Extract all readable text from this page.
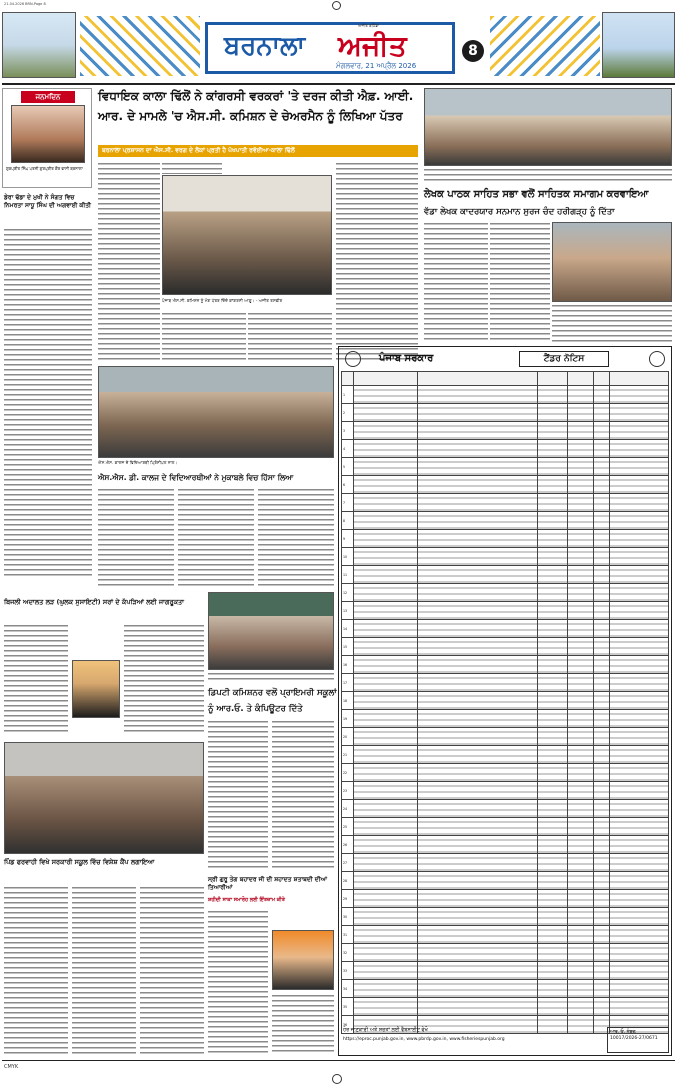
21.04.2026 BRN-Page 8
ਬਰਨਾਲਾ ਅਜੀਤ
ਅਜੀਤ ਬਠਿੰਡਾ
ਮੰਗਲਵਾਰ, 21 ਅਪ੍ਰੈਲ 2026
8
ਜਨਮਦਿਨ
ਗੁਰਪ੍ਰੀਤ ਸਿੰਘ ਪਤਨੀ ਗੁਰਪ੍ਰੀਤ ਕੌਰ ਵਾਸੀ ਬਰਨਾਲਾ
ਡੇਰਾ ਢੱਡਾ ਦੇ ਮੁਖੀ ਨੇ ਸੰਗਤ ਵਿਚ ਨਿਮਰਤਾ ਸਾਧੂ ਸਿੰਘ ਦੀ ਅਗਵਾਈ ਕੀਤੀ
ਵਿਧਾਇਕ ਕਾਲਾ ਢਿੱਲੋਂ ਨੇ ਕਾਂਗਰਸੀ ਵਰਕਰਾਂ 'ਤੇ ਦਰਜ ਕੀਤੀ ਐਫ਼. ਆਈ.
ਆਰ. ਦੇ ਮਾਮਲੇ 'ਚ ਐਸ.ਸੀ. ਕਮਿਸ਼ਨ ਦੇ ਚੇਅਰਮੈਨ ਨੂੰ ਲਿਖਿਆ ਪੱਤਰ
ਬਰਨਾਲਾ ਪ੍ਰਸ਼ਾਸਨ ਦਾ ਐਸ.ਸੀ. ਵਰਗ ਦੇ ਲੋਕਾਂ ਪ੍ਰਤੀ ਹੈ ਪੱਖਪਾਤੀ ਰਵੱਈਆ-ਕਾਲਾ ਢਿੱਲੋਂ
ਪੰਜਾਬ ਐਸ.ਸੀ. ਕਮਿਸ਼ਨ ਨੂੰ ਮੰਗ ਪੱਤਰ ਦਿੰਦੇ ਕਾਂਗਰਸੀ ਆਗੂ। - ਅਜੀਤ ਤਸਵੀਰ
ਲੇਖਕ ਪਾਠਕ ਸਾਹਿਤ ਸਭਾ ਵਲੋਂ ਸਾਹਿਤਕ ਸਮਾਗਮ ਕਰਵਾਇਆ
ਵੱਡਾ ਲੇਖਕ ਕਾਦਰਯਾਰ ਸਨਮਾਨ ਸੁਰਜ ਚੰਦ ਹਰੀਗੜ੍ਹ ਨੂੰ ਦਿੱਤਾ
ਪੰਜਾਬ ਸਰਕਾਰ	ਟੈਂਡਰ ਨੋਟਿਸ

1						
2						
3						
4						
5						
6						
7						
8						
9						
10						
11						
12						
13						
14						
15						
16						
17						
18						
19						
20						
21						
22						
23						
24						
25						
26						
27						
28						
29						
30						
31						
32						
33						
34						
35						
36						
ਹੋਰ ਜਾਣਕਾਰੀ ਅਤੇ ਸ਼ਰਤਾਂ ਲਈ ਵੈਬਸਾਈਟ ਵੇਖੋ
https://eproc.punjab.gov.in, www.pbrdp.gov.in, www.fisheriespunjab.org
ਆਰ. ਓ. ਨੰਬਰ: 10017/2026-27/0671
ਐਸ.ਐਸ. ਕਾਲਜ ਦੇ ਵਿਦਿਆਰਥੀ ਪ੍ਰਿੰਸੀਪਲ ਨਾਲ।
ਐਸ.ਐਸ. ਡੀ. ਕਾਲਜ ਦੇ ਵਿਦਿਆਰਥੀਆਂ ਨੇ ਮੁਕਾਬਲੇ ਵਿਚ ਹਿੱਸਾ ਲਿਆ
ਡਿਪਟੀ ਕਮਿਸ਼ਨਰ ਵਲੋਂ ਪ੍ਰਾਇਮਰੀ ਸਕੂਲਾਂ
ਨੂੰ ਆਰ.ਓ. ਤੇ ਕੰਪਿਊਟਰ ਦਿੱਤੇ
ਬਿਜਲੀ ਅਦਾਲਤ ਲੜ (ਘੁਲਕ ਸੁਸਾਇਟੀ) ਸਰਾਂ ਦੇ ਕੱਪੜਿਆਂ ਲਈ ਜਾਗਰੂਕਤਾ
ਪਿੰਡ ਫਰਵਾਹੀ ਵਿਖੇ ਸਰਕਾਰੀ ਸਕੂਲ ਵਿੱਚ ਵਿਸ਼ੇਸ਼ ਕੈਂਪ ਲਗਾਇਆ
ਸ੍ਰੀ ਗੁਰੂ ਤੇਗ ਬਹਾਦਰ ਜੀ ਦੀ ਸ਼ਹਾਦਤ ਸ਼ਤਾਬਦੀ ਦੀਆਂ ਤਿਆਰੀਆਂ
ਸ਼ਹੀਦੀ ਸਾਕਾ ਸਮਾਰੋਹ ਲਈ ਇੰਤਜ਼ਾਮ ਕੀਤੇ
CMYK
